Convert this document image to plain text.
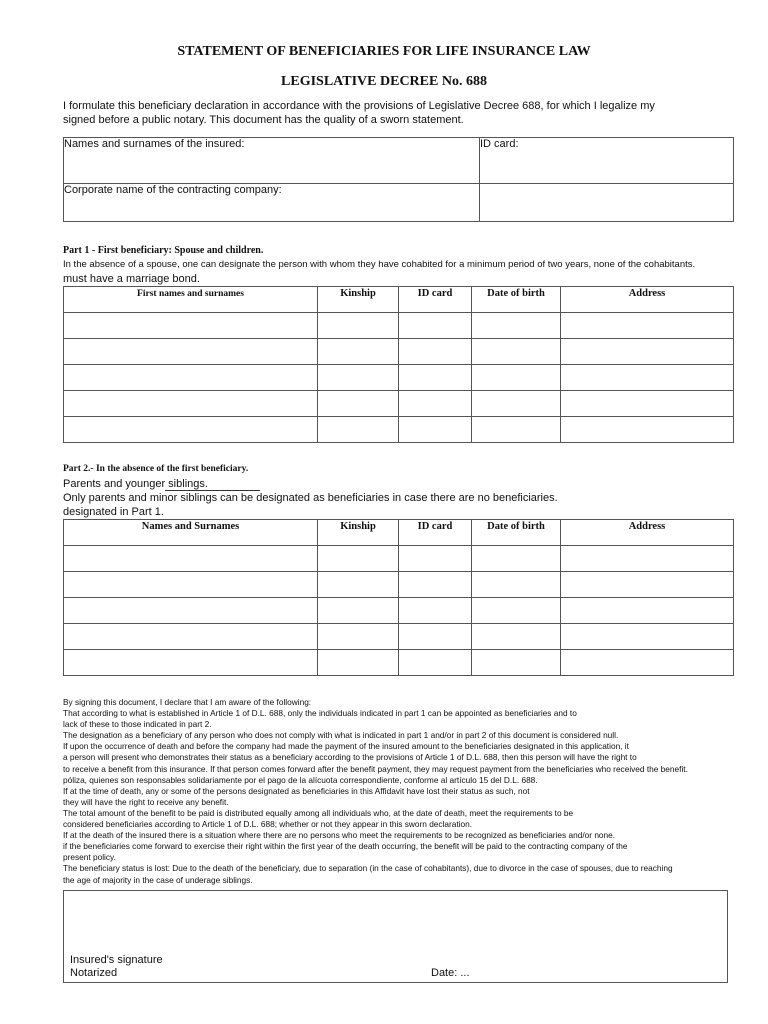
STATEMENT OF BENEFICIARIES FOR LIFE INSURANCE LAW
LEGISLATIVE DECREE No. 688
I formulate this beneficiary declaration in accordance with the provisions of Legislative Decree 688, for which I legalize my
signed before a public notary. This document has the quality of a sworn statement.
Names and surnames of the insured:	ID card:
Corporate name of the contracting company:	
Part 1 - First beneficiary: Spouse and children.
In the absence of a spouse, one can designate the person with whom they have cohabited for a minimum period of two years, none of the cohabitants.
must have a marriage bond.
First names and surnames	Kinship	ID card	Date of birth	Address

Part 2.- In the absence of the first beneficiary.
Parents and younger siblings.
Only parents and minor siblings can be designated as beneficiaries in case there are no beneficiaries.
designated in Part 1.
Names and Surnames	Kinship	ID card	Date of birth	Address

By signing this document, I declare that I am aware of the following:
That according to what is established in Article 1 of D.L. 688, only the individuals indicated in part 1 can be appointed as beneficiaries and to
lack of these to those indicated in part 2.
The designation as a beneficiary of any person who does not comply with what is indicated in part 1 and/or in part 2 of this document is considered null.
If upon the occurrence of death and before the company had made the payment of the insured amount to the beneficiaries designated in this application, it
a person will present who demonstrates their status as a beneficiary according to the provisions of Article 1 of D.L. 688, then this person will have the right to
to receive a benefit from this insurance. If that person comes forward after the benefit payment, they may request payment from the beneficiaries who received the benefit.
póliza, quienes son responsables solidariamente por el pago de la alícuota correspondiente, conforme al artículo 15 del D.L. 688.
If at the time of death, any or some of the persons designated as beneficiaries in this Affidavit have lost their status as such, not
they will have the right to receive any benefit.
The total amount of the benefit to be paid is distributed equally among all individuals who, at the date of death, meet the requirements to be
considered beneficiaries according to Article 1 of D.L. 688; whether or not they appear in this sworn declaration.
If at the death of the insured there is a situation where there are no persons who meet the requirements to be recognized as beneficiaries and/or none.
if the beneficiaries come forward to exercise their right within the first year of the death occurring, the benefit will be paid to the contracting company of the
present policy.
The beneficiary status is lost: Due to the death of the beneficiary, due to separation (in the case of cohabitants), due to divorce in the case of spouses, due to reaching
the age of majority in the case of underage siblings.
Insured's signature
Notarized	Date: ...
